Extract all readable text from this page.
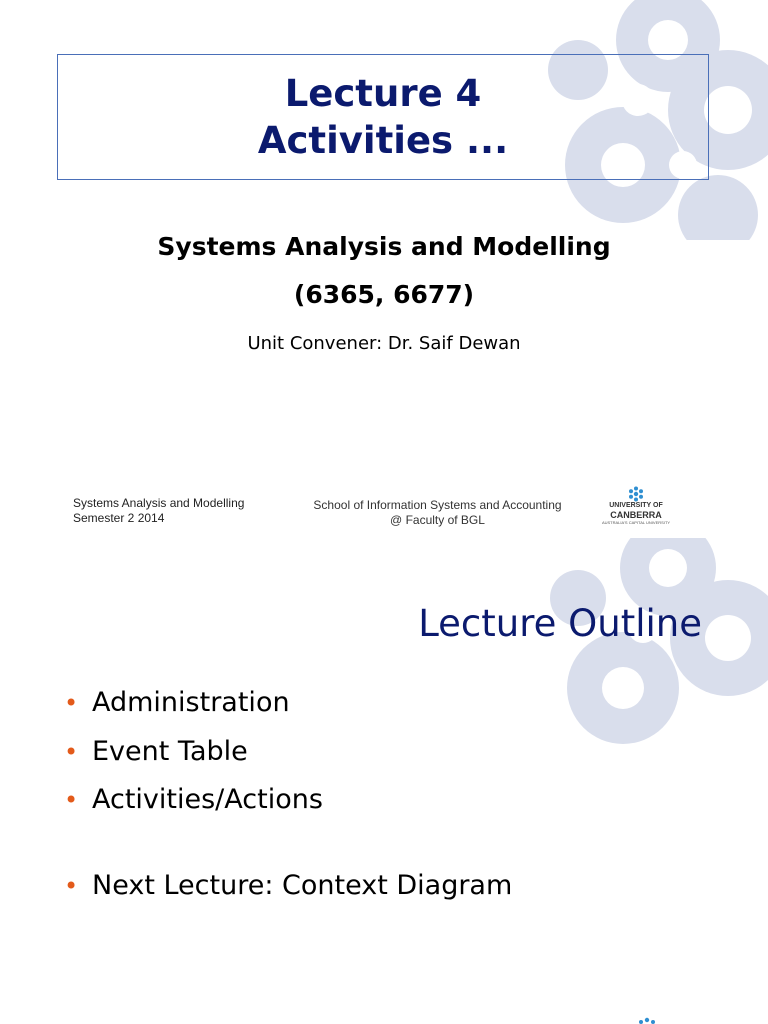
Lecture 4
Activities ...
Systems Analysis and Modelling
(6365, 6677)
Unit Convener: Dr. Saif Dewan
Systems Analysis and Modelling
Semester 2 2014
School of Information Systems and Accounting
@ Faculty of BGL
UNIVERSITY OF
CANBERRA
AUSTRALIA'S CAPITAL UNIVERSITY
Lecture Outline
• Administration
• Event Table
• Activities/Actions
• Next Lecture: Context Diagram
